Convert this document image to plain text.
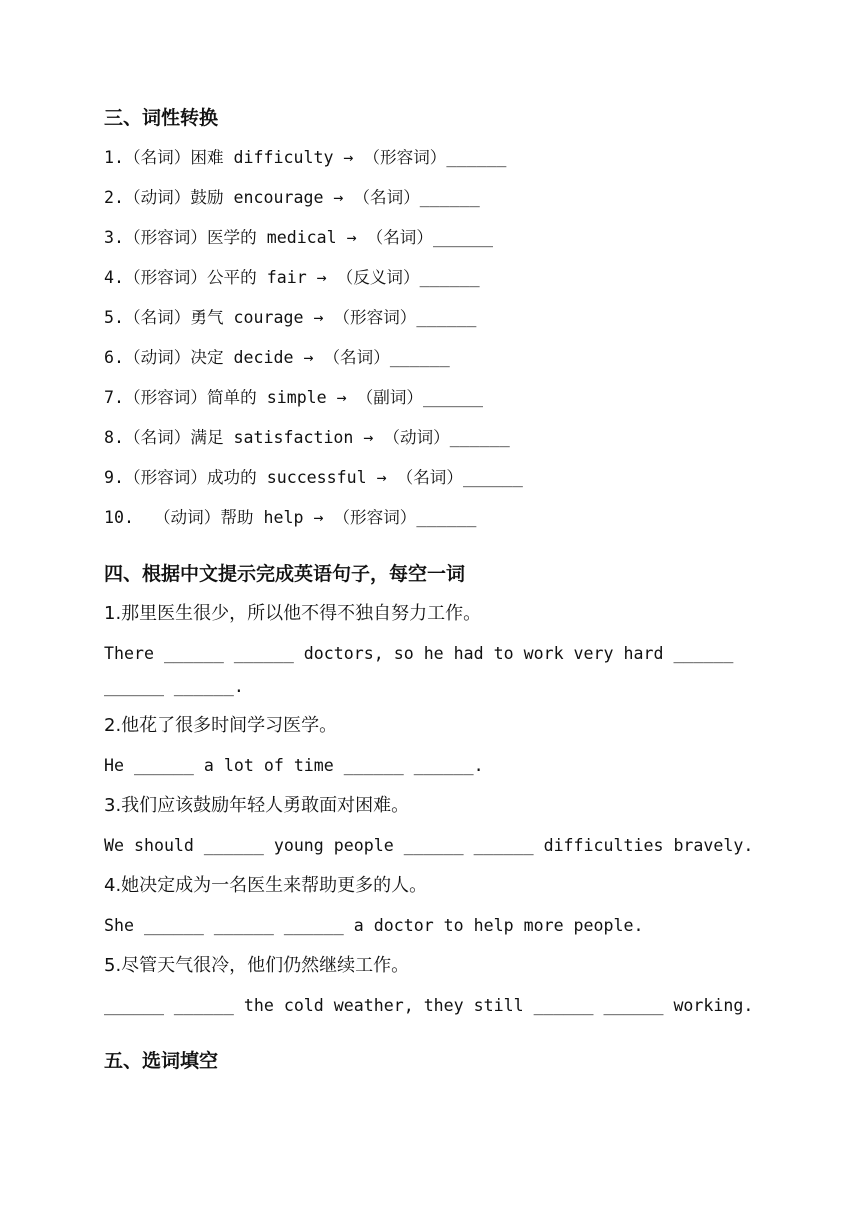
三、词性转换
1.（名词）困难 difficulty → （形容词）______
2.（动词）鼓励 encourage → （名词）______
3.（形容词）医学的 medical → （名词）______
4.（形容词）公平的 fair → （反义词）______
5.（名词）勇气 courage → （形容词）______
6.（动词）决定 decide → （名词）______
7.（形容词）简单的 simple → （副词）______
8.（名词）满足 satisfaction → （动词）______
9.（形容词）成功的 successful → （名词）______
10.  （动词）帮助 help → （形容词）______
四、根据中文提示完成英语句子，每空一词
1.那里医生很少，所以他不得不独自努力工作。
There ______ ______ doctors, so he had to work very hard ______
______ ______.
2.他花了很多时间学习医学。
He ______ a lot of time ______ ______.
3.我们应该鼓励年轻人勇敢面对困难。
We should ______ young people ______ ______ difficulties bravely.
4.她决定成为一名医生来帮助更多的人。
She ______ ______ ______ a doctor to help more people.
5.尽管天气很冷，他们仍然继续工作。
______ ______ the cold weather, they still ______ ______ working.
五、选词填空
